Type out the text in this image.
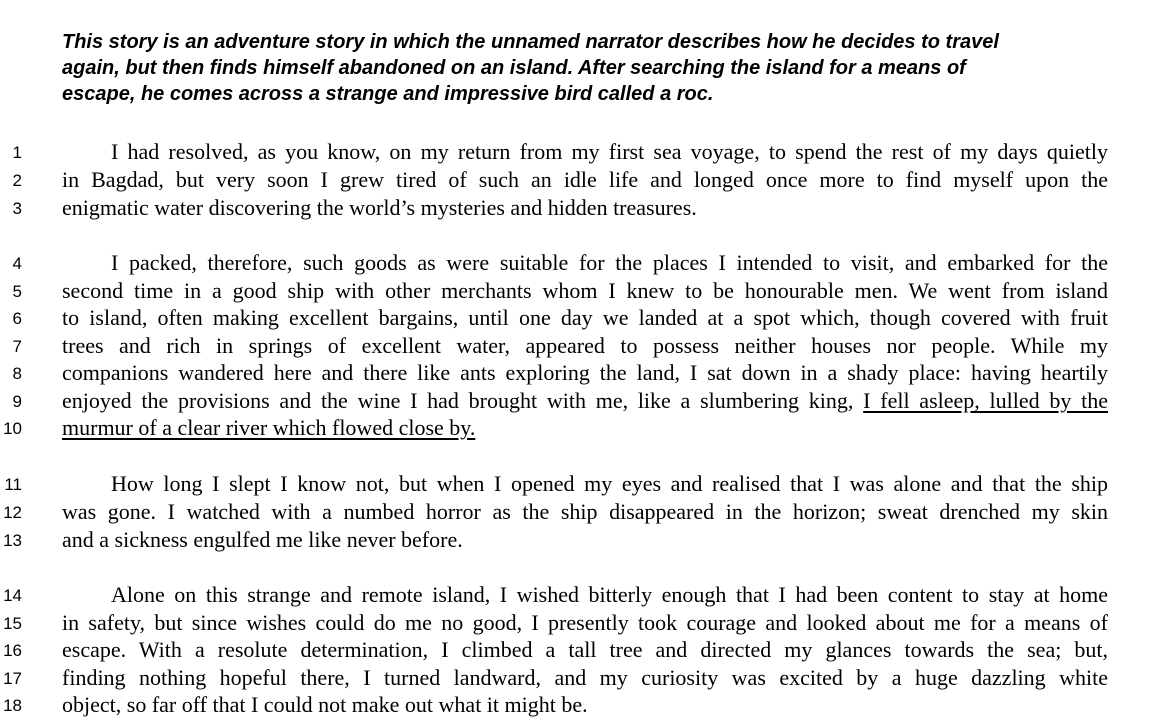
This story is an adventure story in which the unnamed narrator describes how he decides to travel
again, but then finds himself abandoned on an island. After searching the island for a means of
escape, he comes across a strange and impressive bird called a roc.
1	I had resolved, as you know, on my return from my first sea voyage, to spend the rest of my days quietly
2 in Bagdad, but very soon I grew tired of such an idle life and longed once more to find myself upon the
3 enigmatic water discovering the world’s mysteries and hidden treasures.
4	I packed, therefore, such goods as were suitable for the places I intended to visit, and embarked for the
5 second time in a good ship with other merchants whom I knew to be honourable men. We went from island
6 to island, often making excellent bargains, until one day we landed at a spot which, though covered with fruit
7 trees and rich in springs of excellent water, appeared to possess neither houses nor people. While my
8 companions wandered here and there like ants exploring the land, I sat down in a shady place: having heartily
9 enjoyed the provisions and the wine I had brought with me, like a slumbering king, I fell asleep, lulled by the
10 murmur of a clear river which flowed close by.
11	How long I slept I know not, but when I opened my eyes and realised that I was alone and that the ship
12 was gone. I watched with a numbed horror as the ship disappeared in the horizon; sweat drenched my skin
13 and a sickness engulfed me like never before.
14	Alone on this strange and remote island, I wished bitterly enough that I had been content to stay at home
15 in safety, but since wishes could do me no good, I presently took courage and looked about me for a means of
16 escape. With a resolute determination, I climbed a tall tree and directed my glances towards the sea; but,
17 finding nothing hopeful there, I turned landward, and my curiosity was excited by a huge dazzling white
18 object, so far off that I could not make out what it might be.
